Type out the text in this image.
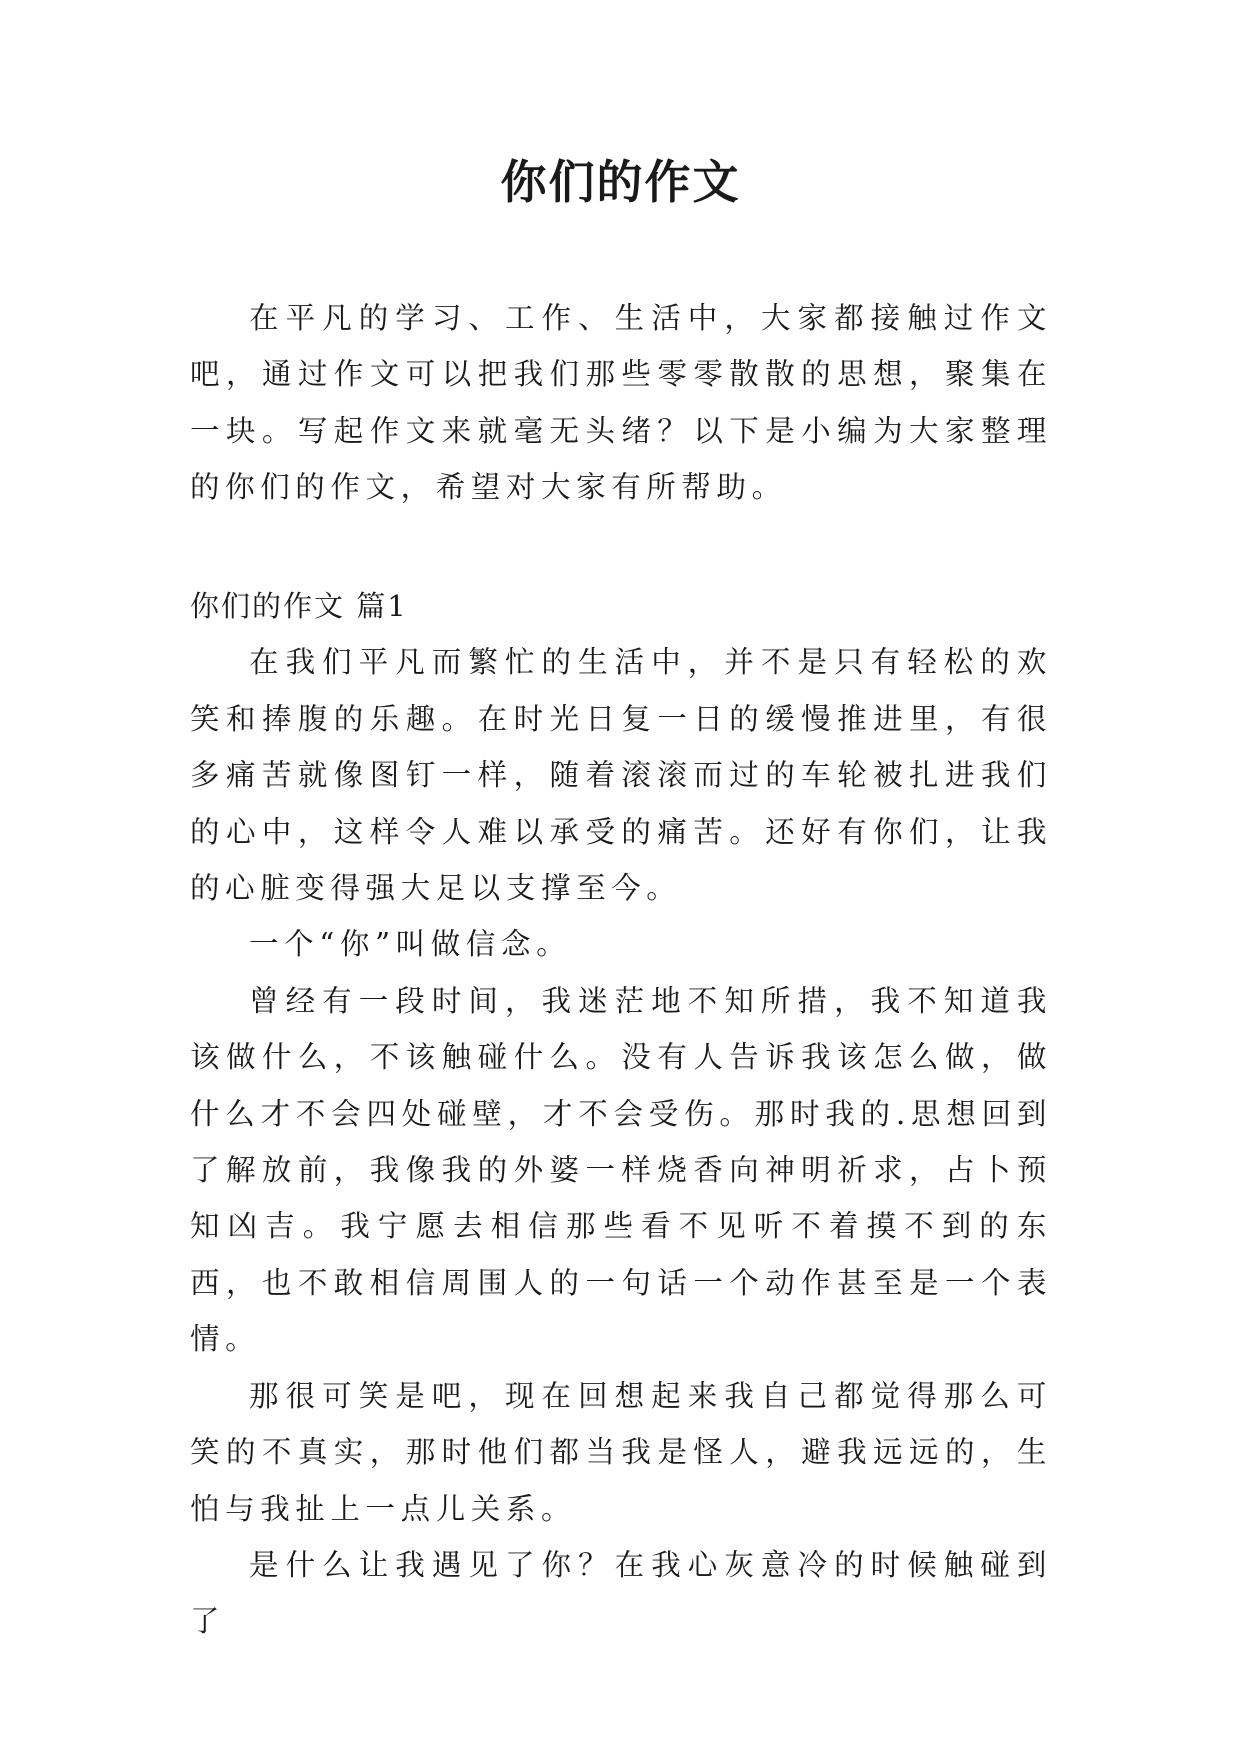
你们的作文

在平凡的学习、工作、生活中，大家都接触过作文吧，通过作文可以把我们那些零零散散的思想，聚集在一块。写起作文来就毫无头绪？以下是小编为大家整理的你们的作文，希望对大家有所帮助。

你们的作文 篇1

在我们平凡而繁忙的生活中，并不是只有轻松的欢笑和捧腹的乐趣。在时光日复一日的缓慢推进里，有很多痛苦就像图钉一样，随着滚滚而过的车轮被扎进我们的心中，这样令人难以承受的痛苦。还好有你们，让我的心脏变得强大足以支撑至今。

一个“你”叫做信念。

曾经有一段时间，我迷茫地不知所措，我不知道我该做什么，不该触碰什么。没有人告诉我该怎么做，做什么才不会四处碰壁，才不会受伤。那时我的.思想回到了解放前，我像我的外婆一样烧香向神明祈求，占卜预知凶吉。我宁愿去相信那些看不见听不着摸不到的东西，也不敢相信周围人的一句话一个动作甚至是一个表情。

那很可笑是吧，现在回想起来我自己都觉得那么可笑的不真实，那时他们都当我是怪人，避我远远的，生怕与我扯上一点儿关系。

是什么让我遇见了你？在我心灰意冷的时候触碰到了
